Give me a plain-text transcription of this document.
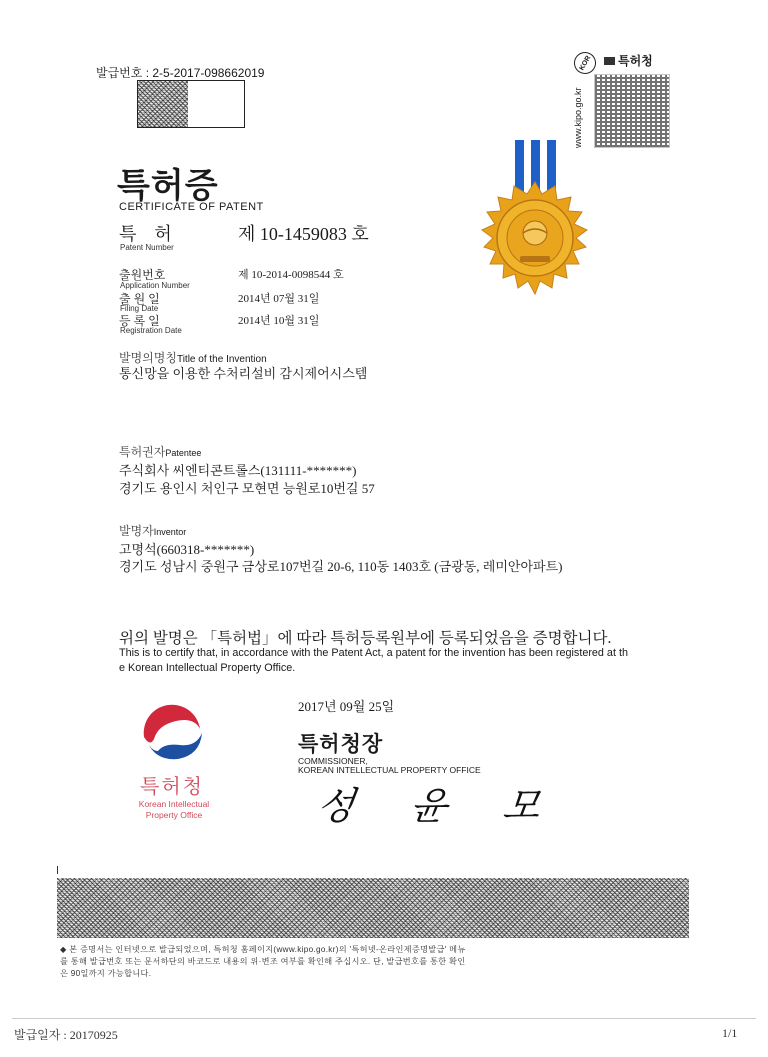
발급번호 : 2-5-2017-098662019
KOR	특허청
www.kipo.go.kr
특허증
CERTIFICATE OF PATENT
특    허
Patent Number
제 10-1459083 호
출원번호
Application Number
제 10-2014-0098544 호
출 원 일
Filing Date
2014년 07월 31일
등 록 일
Registration Date
2014년 10월 31일
발명의명칭Title of the Invention
통신망을 이용한 수처리설비 감시제어시스템
특허권자Patentee
주식회사 씨엔티콘트롤스(131111-*******)
경기도 용인시 처인구 모현면 능원로10번길 57
발명자Inventor
고명석(660318-*******)
경기도 성남시 중원구 금상로107번길 20-6, 110동 1403호 (금광동, 레미안아파트)
위의 발명은 「특허법」에 따라 특허등록원부에 등록되었음을 증명합니다.
This is to certify that, in accordance with the Patent Act, a patent for the invention has been registered at th
e Korean Intellectual Property Office.
2017년 09월 25일
특허청
Korean Intellectual
Property Office
특허청장
COMMISSIONER,
KOREAN INTELLECTUAL PROPERTY OFFICE
성 윤 모
◆ 본 증명서는 인터넷으로 발급되었으며, 특허청 홈페이지(www.kipo.go.kr)의 '특허넷-온라인제증명발급' 메뉴
를 통해 발급번호 또는 문서하단의 바코드로 내용의 위·변조 여부를 확인해 주십시오. 단, 발급번호를 통한 확인
은 90일까지 가능합니다.
발급일자 : 20170925	1/1
